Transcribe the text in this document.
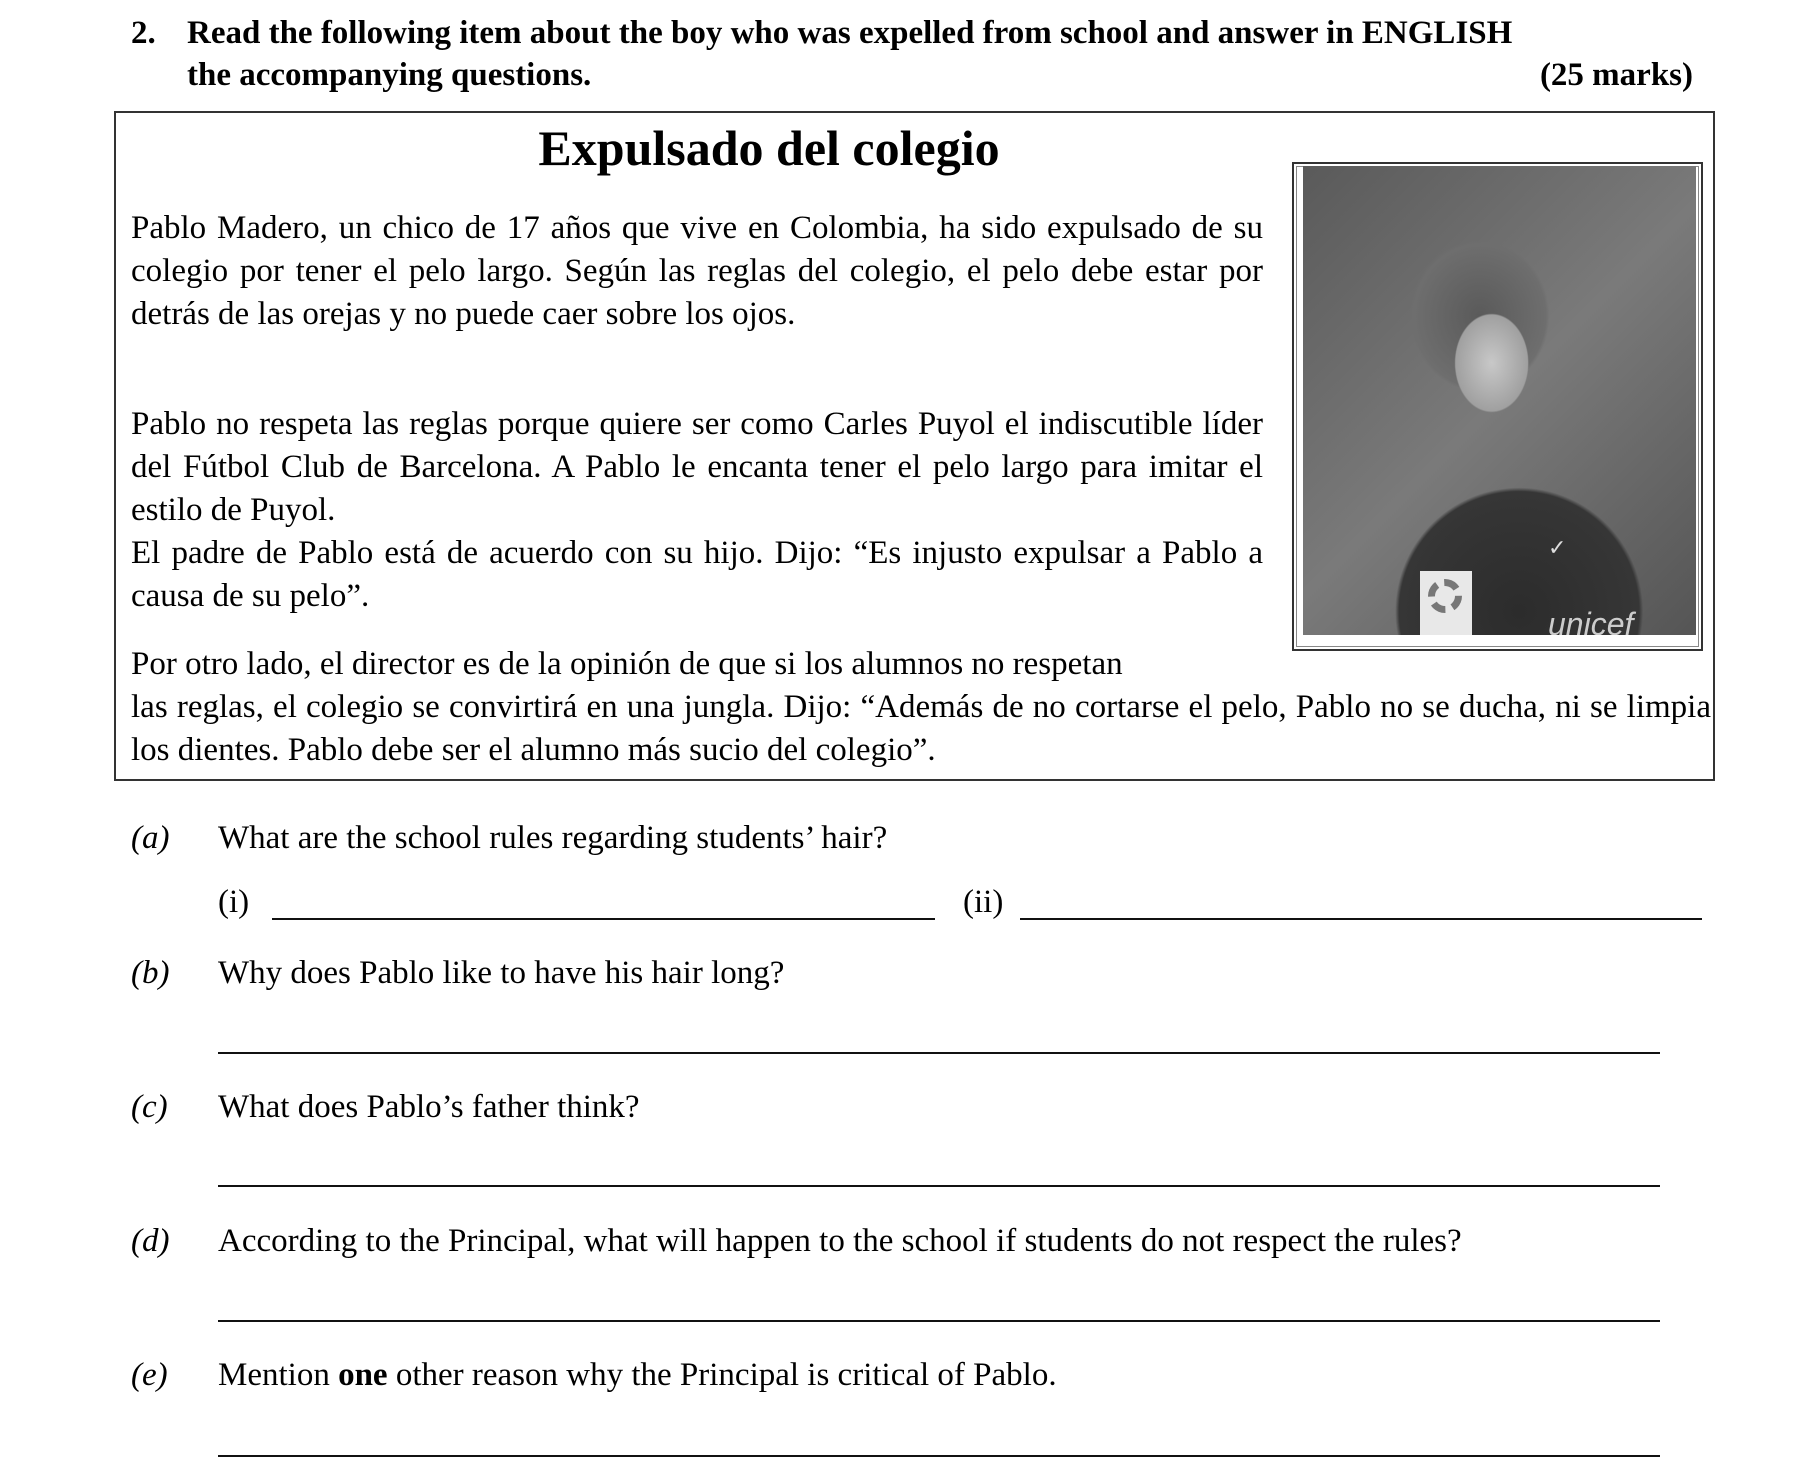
2. Read the following item about the boy who was expelled from school and answer in ENGLISH
the accompanying questions.	(25 marks)
Expulsado del colegio
Pablo Madero, un chico de 17 años que vive en Colombia, ha sido expulsado de su colegio por tener el pelo largo. Según las reglas del colegio, el pelo debe estar por detrás de las orejas y no puede caer sobre los ojos.
Pablo no respeta las reglas porque quiere ser como Carles Puyol el indiscutible líder del Fútbol Club de Barcelona. A Pablo le encanta tener el pelo largo para imitar el estilo de Puyol.
El padre de Pablo está de acuerdo con su hijo. Dijo: “Es injusto expulsar a Pablo a causa de su pelo”.
Por otro lado, el director es de la opinión de que si los alumnos no respetan
las reglas, el colegio se convirtirá en una jungla. Dijo: “Además de no cortarse el pelo, Pablo no se ducha, ni se limpia los dientes. Pablo debe ser el alumno más sucio del colegio”.
✓
unicef
(a) What are the school rules regarding students’ hair?
(i)	(ii)
(b) Why does Pablo like to have his hair long?
(c) What does Pablo’s father think?
(d) According to the Principal, what will happen to the school if students do not respect the rules?
(e) Mention one other reason why the Principal is critical of Pablo.
